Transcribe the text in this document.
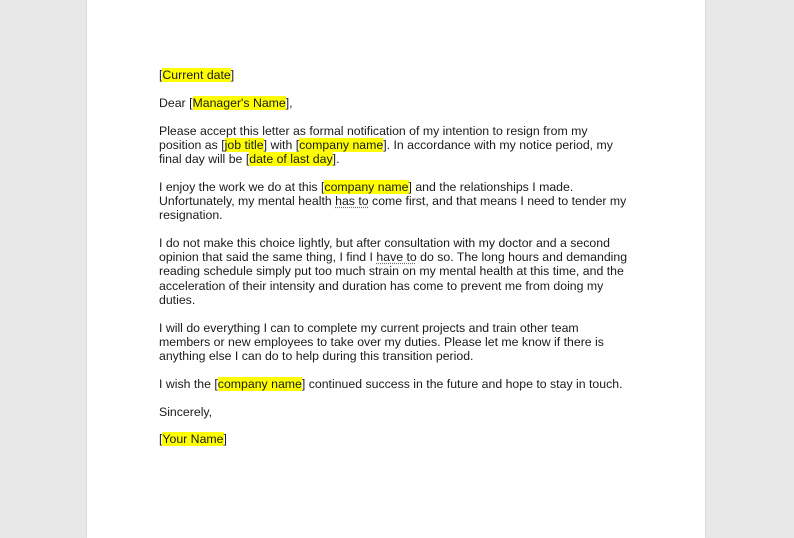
[Current date]

Dear [Manager's Name],

Please accept this letter as formal notification of my intention to resign from my position as [job title] with [company name]. In accordance with my notice period, my final day will be [date of last day].

I enjoy the work we do at this [company name] and the relationships I made. Unfortunately, my mental health has to come first, and that means I need to tender my resignation.

I do not make this choice lightly, but after consultation with my doctor and a second opinion that said the same thing, I find I have to do so. The long hours and demanding reading schedule simply put too much strain on my mental health at this time, and the acceleration of their intensity and duration has come to prevent me from doing my duties.

I will do everything I can to complete my current projects and train other team members or new employees to take over my duties. Please let me know if there is anything else I can do to help during this transition period.

I wish the [company name] continued success in the future and hope to stay in touch.

Sincerely,

[Your Name]
